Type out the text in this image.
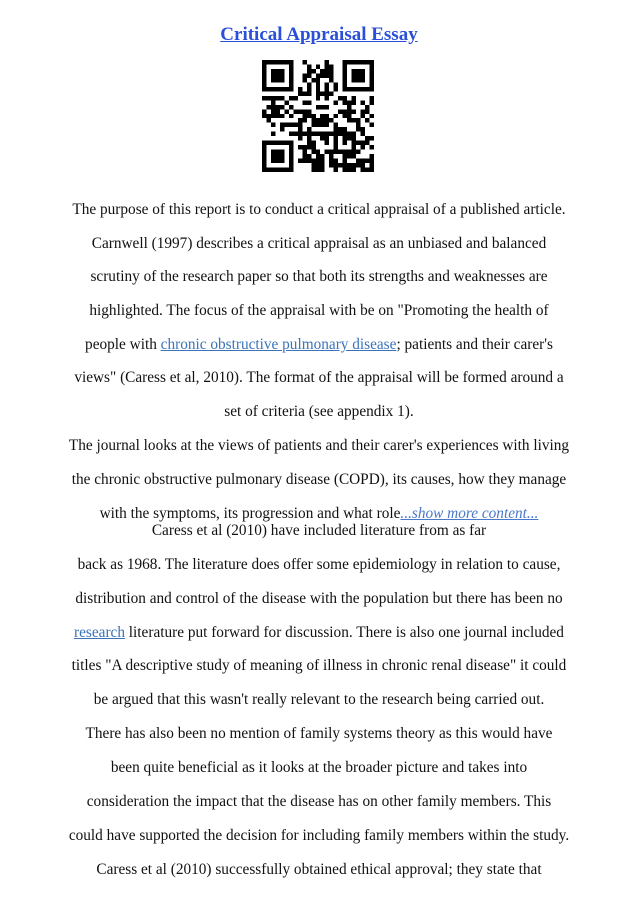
Critical Appraisal Essay

The purpose of this report is to conduct a critical appraisal of a published article.

Carnwell (1997) describes a critical appraisal as an unbiased and balanced

scrutiny of the research paper so that both its strengths and weaknesses are

highlighted. The focus of the appraisal with be on "Promoting the health of

people with chronic obstructive pulmonary disease; patients and their carer's

views" (Caress et al, 2010). The format of the appraisal will be formed around a

set of criteria (see appendix 1).

The journal looks at the views of patients and their carer's experiences with living

the chronic obstructive pulmonary disease (COPD), its causes, how they manage

with the symptoms, its progression and what role...show more content...

Caress et al (2010) have included literature from as far

back as 1968. The literature does offer some epidemiology in relation to cause,

distribution and control of the disease with the population but there has been no

research literature put forward for discussion. There is also one journal included

titles "A descriptive study of meaning of illness in chronic renal disease" it could

be argued that this wasn't really relevant to the research being carried out.

There has also been no mention of family systems theory as this would have

been quite beneficial as it looks at the broader picture and takes into

consideration the impact that the disease has on other family members. This

could have supported the decision for including family members within the study.

Caress et al (2010) successfully obtained ethical approval; they state that
